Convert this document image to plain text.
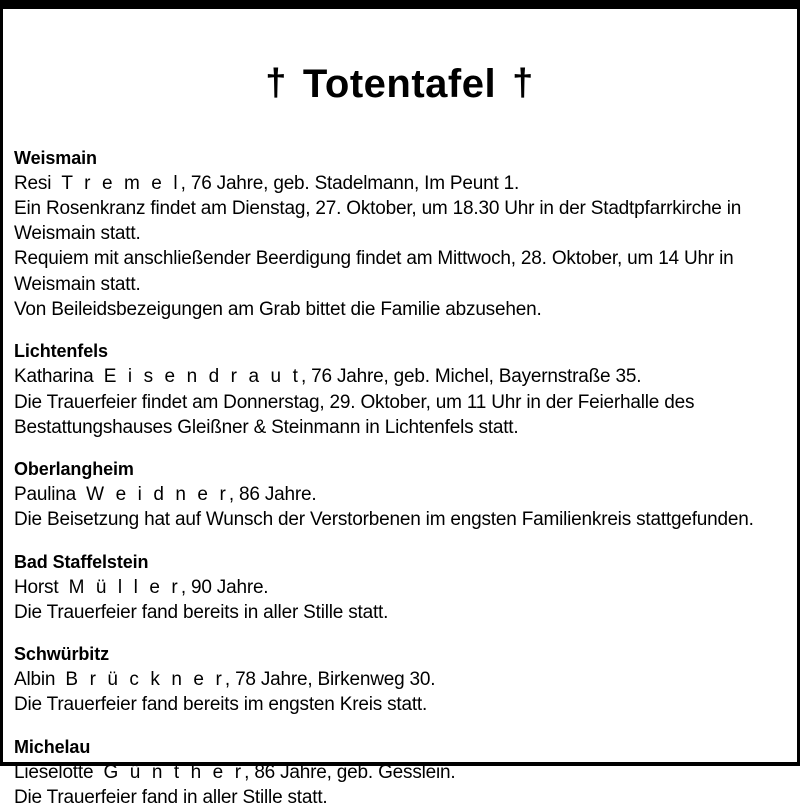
† Totentafel †
Weismain
Resi T r e m e l, 76 Jahre, geb. Stadelmann, Im Peunt 1.
Ein Rosenkranz findet am Dienstag, 27. Oktober, um 18.30 Uhr in der Stadtpfarrkirche in Weismain statt.
Requiem mit anschließender Beerdigung findet am Mittwoch, 28. Oktober, um 14 Uhr in Weismain statt.
Von Beileidsbezeigungen am Grab bittet die Familie abzusehen.
Lichtenfels
Katharina E i s e n d r a u t, 76 Jahre, geb. Michel, Bayernstraße 35.
Die Trauerfeier findet am Donnerstag, 29. Oktober, um 11 Uhr in der Feierhalle des Bestattungshauses Gleißner & Steinmann in Lichtenfels statt.
Oberlangheim
Paulina W e i d n e r, 86 Jahre.
Die Beisetzung hat auf Wunsch der Verstorbenen im engsten Familienkreis stattgefunden.
Bad Staffelstein
Horst M ü l l e r, 90 Jahre.
Die Trauerfeier fand bereits in aller Stille statt.
Schwürbitz
Albin B r ü c k n e r, 78 Jahre, Birkenweg 30.
Die Trauerfeier fand bereits im engsten Kreis statt.
Michelau
Lieselotte G ü n t h e r, 86 Jahre, geb. Gesslein.
Die Trauerfeier fand in aller Stille statt.
